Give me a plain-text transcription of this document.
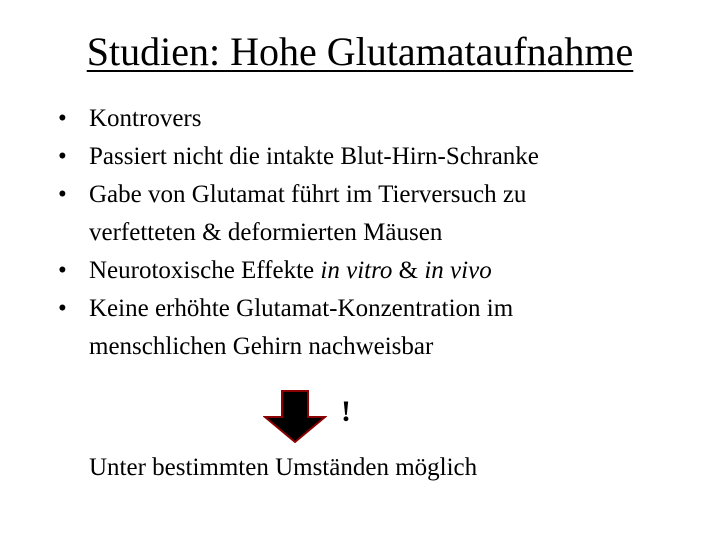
Studien: Hohe Glutamataufnahme
• Kontrovers
• Passiert nicht die intakte Blut-Hirn-Schranke
• Gabe von Glutamat führt im Tierversuch zu
verfetteten & deformierten Mäusen
• Neurotoxische Effekte in vitro & in vivo
• Keine erhöhte Glutamat-Konzentration im
menschlichen Gehirn nachweisbar
!
Unter bestimmten Umständen möglich
